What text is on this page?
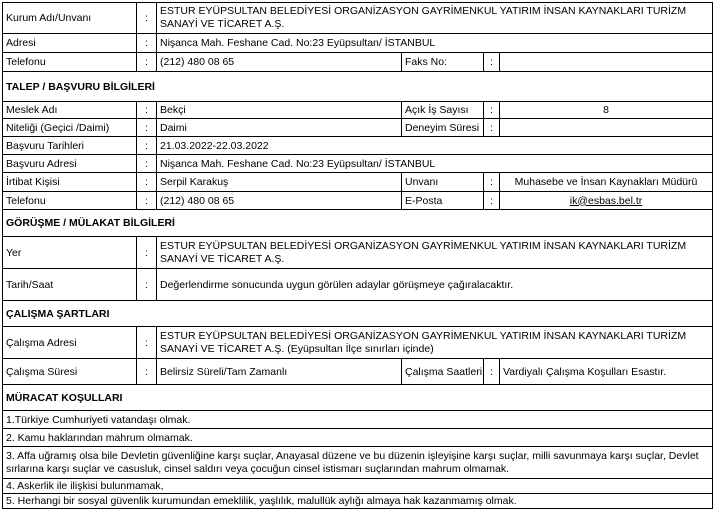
Kurum Adı/Unvanı	:
ESTUR EYÜPSULTAN BELEDİYESİ ORGANİZASYON GAYRİMENKUL YATIRIM İNSAN KAYNAKLARI TURİZM SANAYİ VE TİCARET A.Ş.
Adresi	:	Nişanca Mah. Feshane Cad. No:23 Eyüpsultan/ İSTANBUL
Telefonu	:	(212) 480 08 65	Faks No:	:
TALEP / BAŞVURU BİLGİLERİ
Meslek Adı	:	Bekçi	Açık İş Sayısı	:	8
Niteliği (Geçici /Daimi)	:	Daimi	Deneyim Süresi	:
Başvuru Tarihleri	:	21.03.2022-22.03.2022
Başvuru Adresi	:	Nişanca Mah. Feshane Cad. No:23 Eyüpsultan/ İSTANBUL
İrtibat Kişisi	:	Serpil Karakuş	Unvanı	:	Muhasebe ve İnsan Kaynakları Müdürü
Telefonu	:	(212) 480 08 65	E-Posta	:	ik@esbas.bel.tr
GÖRÜŞME / MÜLAKAT BİLGİLERİ
Yer	:
ESTUR EYÜPSULTAN BELEDİYESİ ORGANİZASYON GAYRİMENKUL YATIRIM İNSAN KAYNAKLARI TURİZM SANAYİ VE TİCARET A.Ş.
Tarih/Saat	:	Değerlendirme sonucunda uygun görülen adaylar görüşmeye çağıralacaktır.
ÇALIŞMA ŞARTLARI
Çalışma Adresi	:
ESTUR EYÜPSULTAN BELEDİYESİ ORGANİZASYON GAYRİMENKUL YATIRIM İNSAN KAYNAKLARI TURİZM SANAYİ VE TİCARET A.Ş. (Eyüpsultan İlçe sınırları içinde)
Çalışma Süresi	:	Belirsiz Süreli/Tam Zamanlı	Çalışma Saatleri : Vardiyalı Çalışma Koşulları Esastır.
MÜRACAT KOŞULLARI
1.Türkiye Cumhuriyeti vatandaşı olmak.
2. Kamu haklarından mahrum olmamak.
3. Affa uğramış olsa bile Devletin güvenliğine karşı suçlar, Anayasal düzene ve bu düzenin işleyişine karşı suçlar, milli savunmaya karşı suçlar, Devlet sırlarına karşı suçlar ve casusluk, cinsel saldırı veya çocuğun cinsel istismarı suçlarından mahrum olmamak.
4. Askerlik ile ilişkisi bulunmamak,
5. Herhangi bir sosyal güvenlik kurumundan emeklilik, yaşlılık, malullük aylığı almaya hak kazanmamış olmak.
